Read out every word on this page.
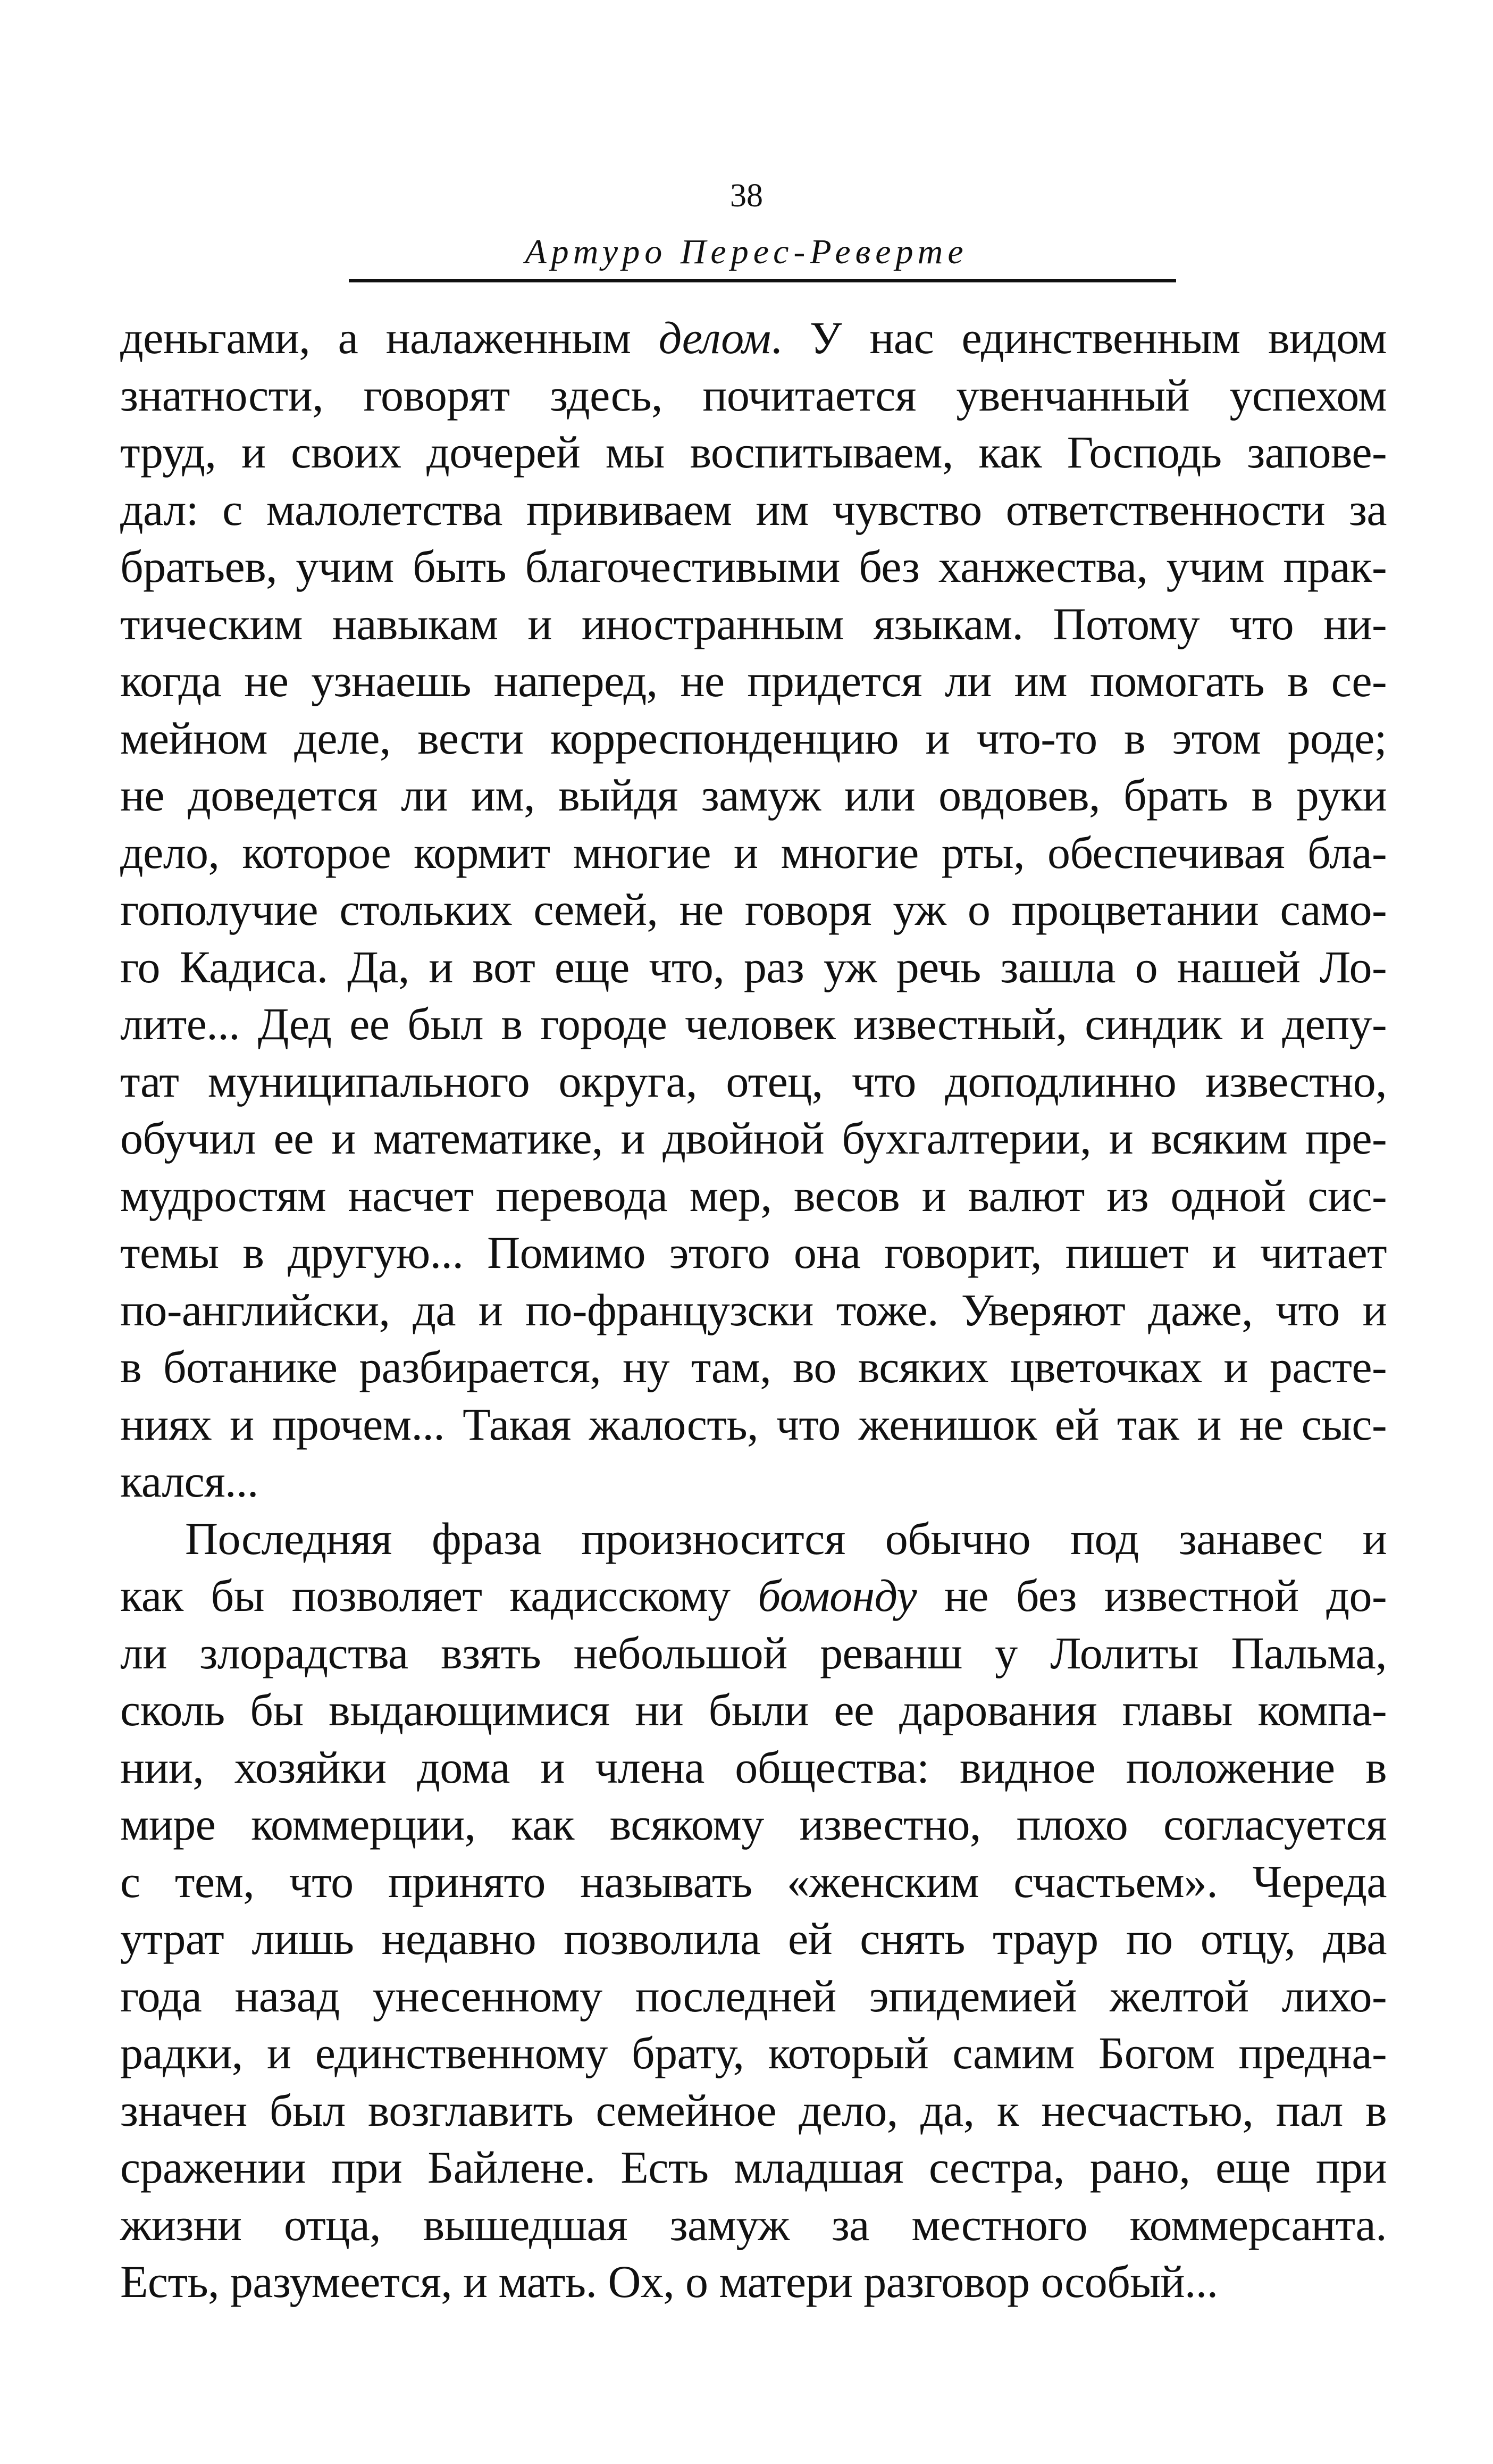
38
Артуро Перес-Реверте
деньгами, а налаженным делом. У нас единственным видом
знатности, говорят здесь, почитается увенчанный успехом
труд, и своих дочерей мы воспитываем, как Господь запове-
дал: с малолетства прививаем им чувство ответственности за
братьев, учим быть благочестивыми без ханжества, учим прак-
тическим навыкам и иностранным языкам. Потому что ни-
когда не узнаешь наперед, не придется ли им помогать в се-
мейном деле, вести корреспонденцию и что-то в этом роде;
не доведется ли им, выйдя замуж или овдовев, брать в руки
дело, которое кормит многие и многие рты, обеспечивая бла-
гополучие стольких семей, не говоря уж о процветании само-
го Кадиса. Да, и вот еще что, раз уж речь зашла о нашей Ло-
лите... Дед ее был в городе человек известный, синдик и депу-
тат муниципального округа, отец, что доподлинно известно,
обучил ее и математике, и двойной бухгалтерии, и всяким пре-
мудростям насчет перевода мер, весов и валют из одной сис-
темы в другую... Помимо этого она говорит, пишет и читает
по-английски, да и по-французски тоже. Уверяют даже, что и
в ботанике разбирается, ну там, во всяких цветочках и расте-
ниях и прочем... Такая жалость, что женишок ей так и не сыс-
кался...
Последняя фраза произносится обычно под занавес и
как бы позволяет кадисскому бомонду не без известной до-
ли злорадства взять небольшой реванш у Лолиты Пальма,
сколь бы выдающимися ни были ее дарования главы компа-
нии, хозяйки дома и члена общества: видное положение в
мире коммерции, как всякому известно, плохо согласуется
с тем, что принято называть «женским счастьем». Череда
утрат лишь недавно позволила ей снять траур по отцу, два
года назад унесенному последней эпидемией желтой лихо-
радки, и единственному брату, который самим Богом предна-
значен был возглавить семейное дело, да, к несчастью, пал в
сражении при Байлене. Есть младшая сестра, рано, еще при
жизни отца, вышедшая замуж за местного коммерсанта.
Есть, разумеется, и мать. Ох, о матери разговор особый...
